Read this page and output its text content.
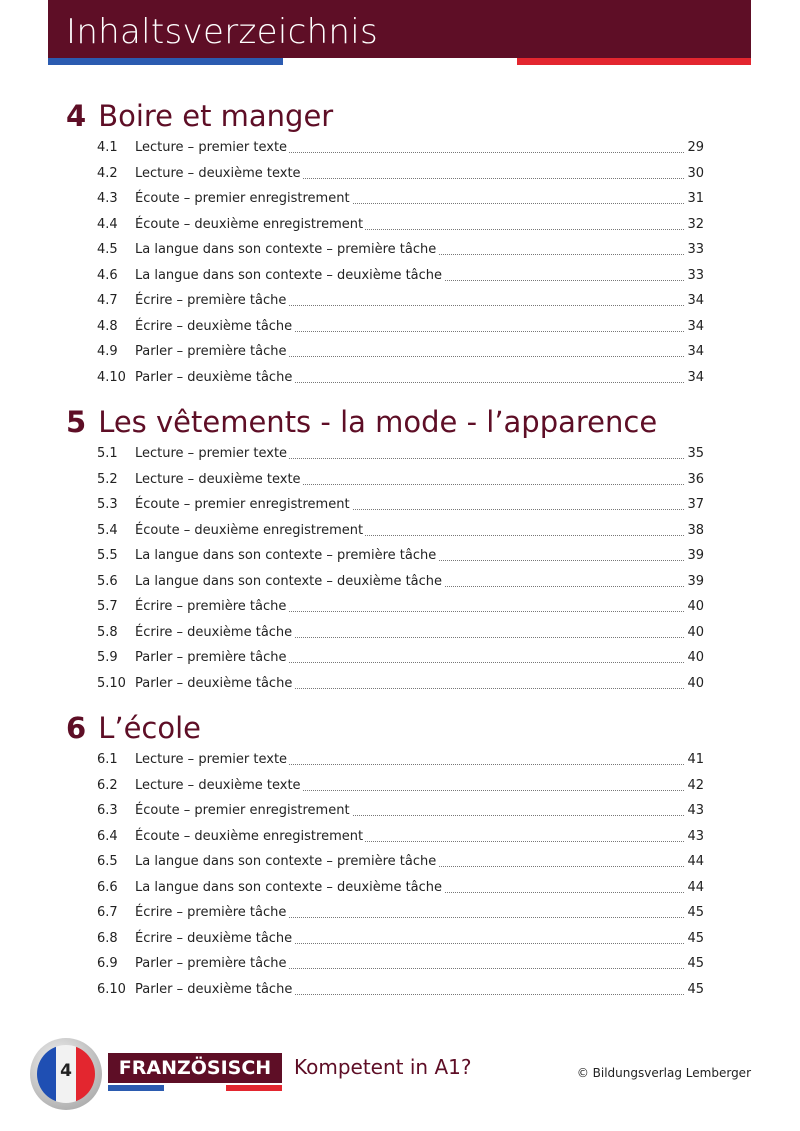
Inhaltsverzeichnis
4 Boire et manger
5 Les vêtements - la mode - l’apparence
6 L’école
4	FRANZÖSISCH	Kompetent in A1?	© Bildungsverlag Lemberger
4.1 Lecture – premier texte	29
4.2 Lecture – deuxième texte	30
4.3 Écoute – premier enregistrement	31
4.4 Écoute – deuxième enregistrement	32
4.5 La langue dans son contexte – première tâche	33
4.6 La langue dans son contexte – deuxième tâche	33
4.7 Écrire – première tâche	34
4.8 Écrire – deuxième tâche	34
4.9 Parler – première tâche	34
4.10 Parler – deuxième tâche	34
5.1 Lecture – premier texte	35
5.2 Lecture – deuxième texte	36
5.3 Écoute – premier enregistrement	37
5.4 Écoute – deuxième enregistrement	38
5.5 La langue dans son contexte – première tâche	39
5.6 La langue dans son contexte – deuxième tâche	39
5.7 Écrire – première tâche	40
5.8 Écrire – deuxième tâche	40
5.9 Parler – première tâche	40
5.10 Parler – deuxième tâche	40
6.1 Lecture – premier texte	41
6.2 Lecture – deuxième texte	42
6.3 Écoute – premier enregistrement	43
6.4 Écoute – deuxième enregistrement	43
6.5 La langue dans son contexte – première tâche	44
6.6 La langue dans son contexte – deuxième tâche	44
6.7 Écrire – première tâche	45
6.8 Écrire – deuxième tâche	45
6.9 Parler – première tâche	45
6.10 Parler – deuxième tâche	45
